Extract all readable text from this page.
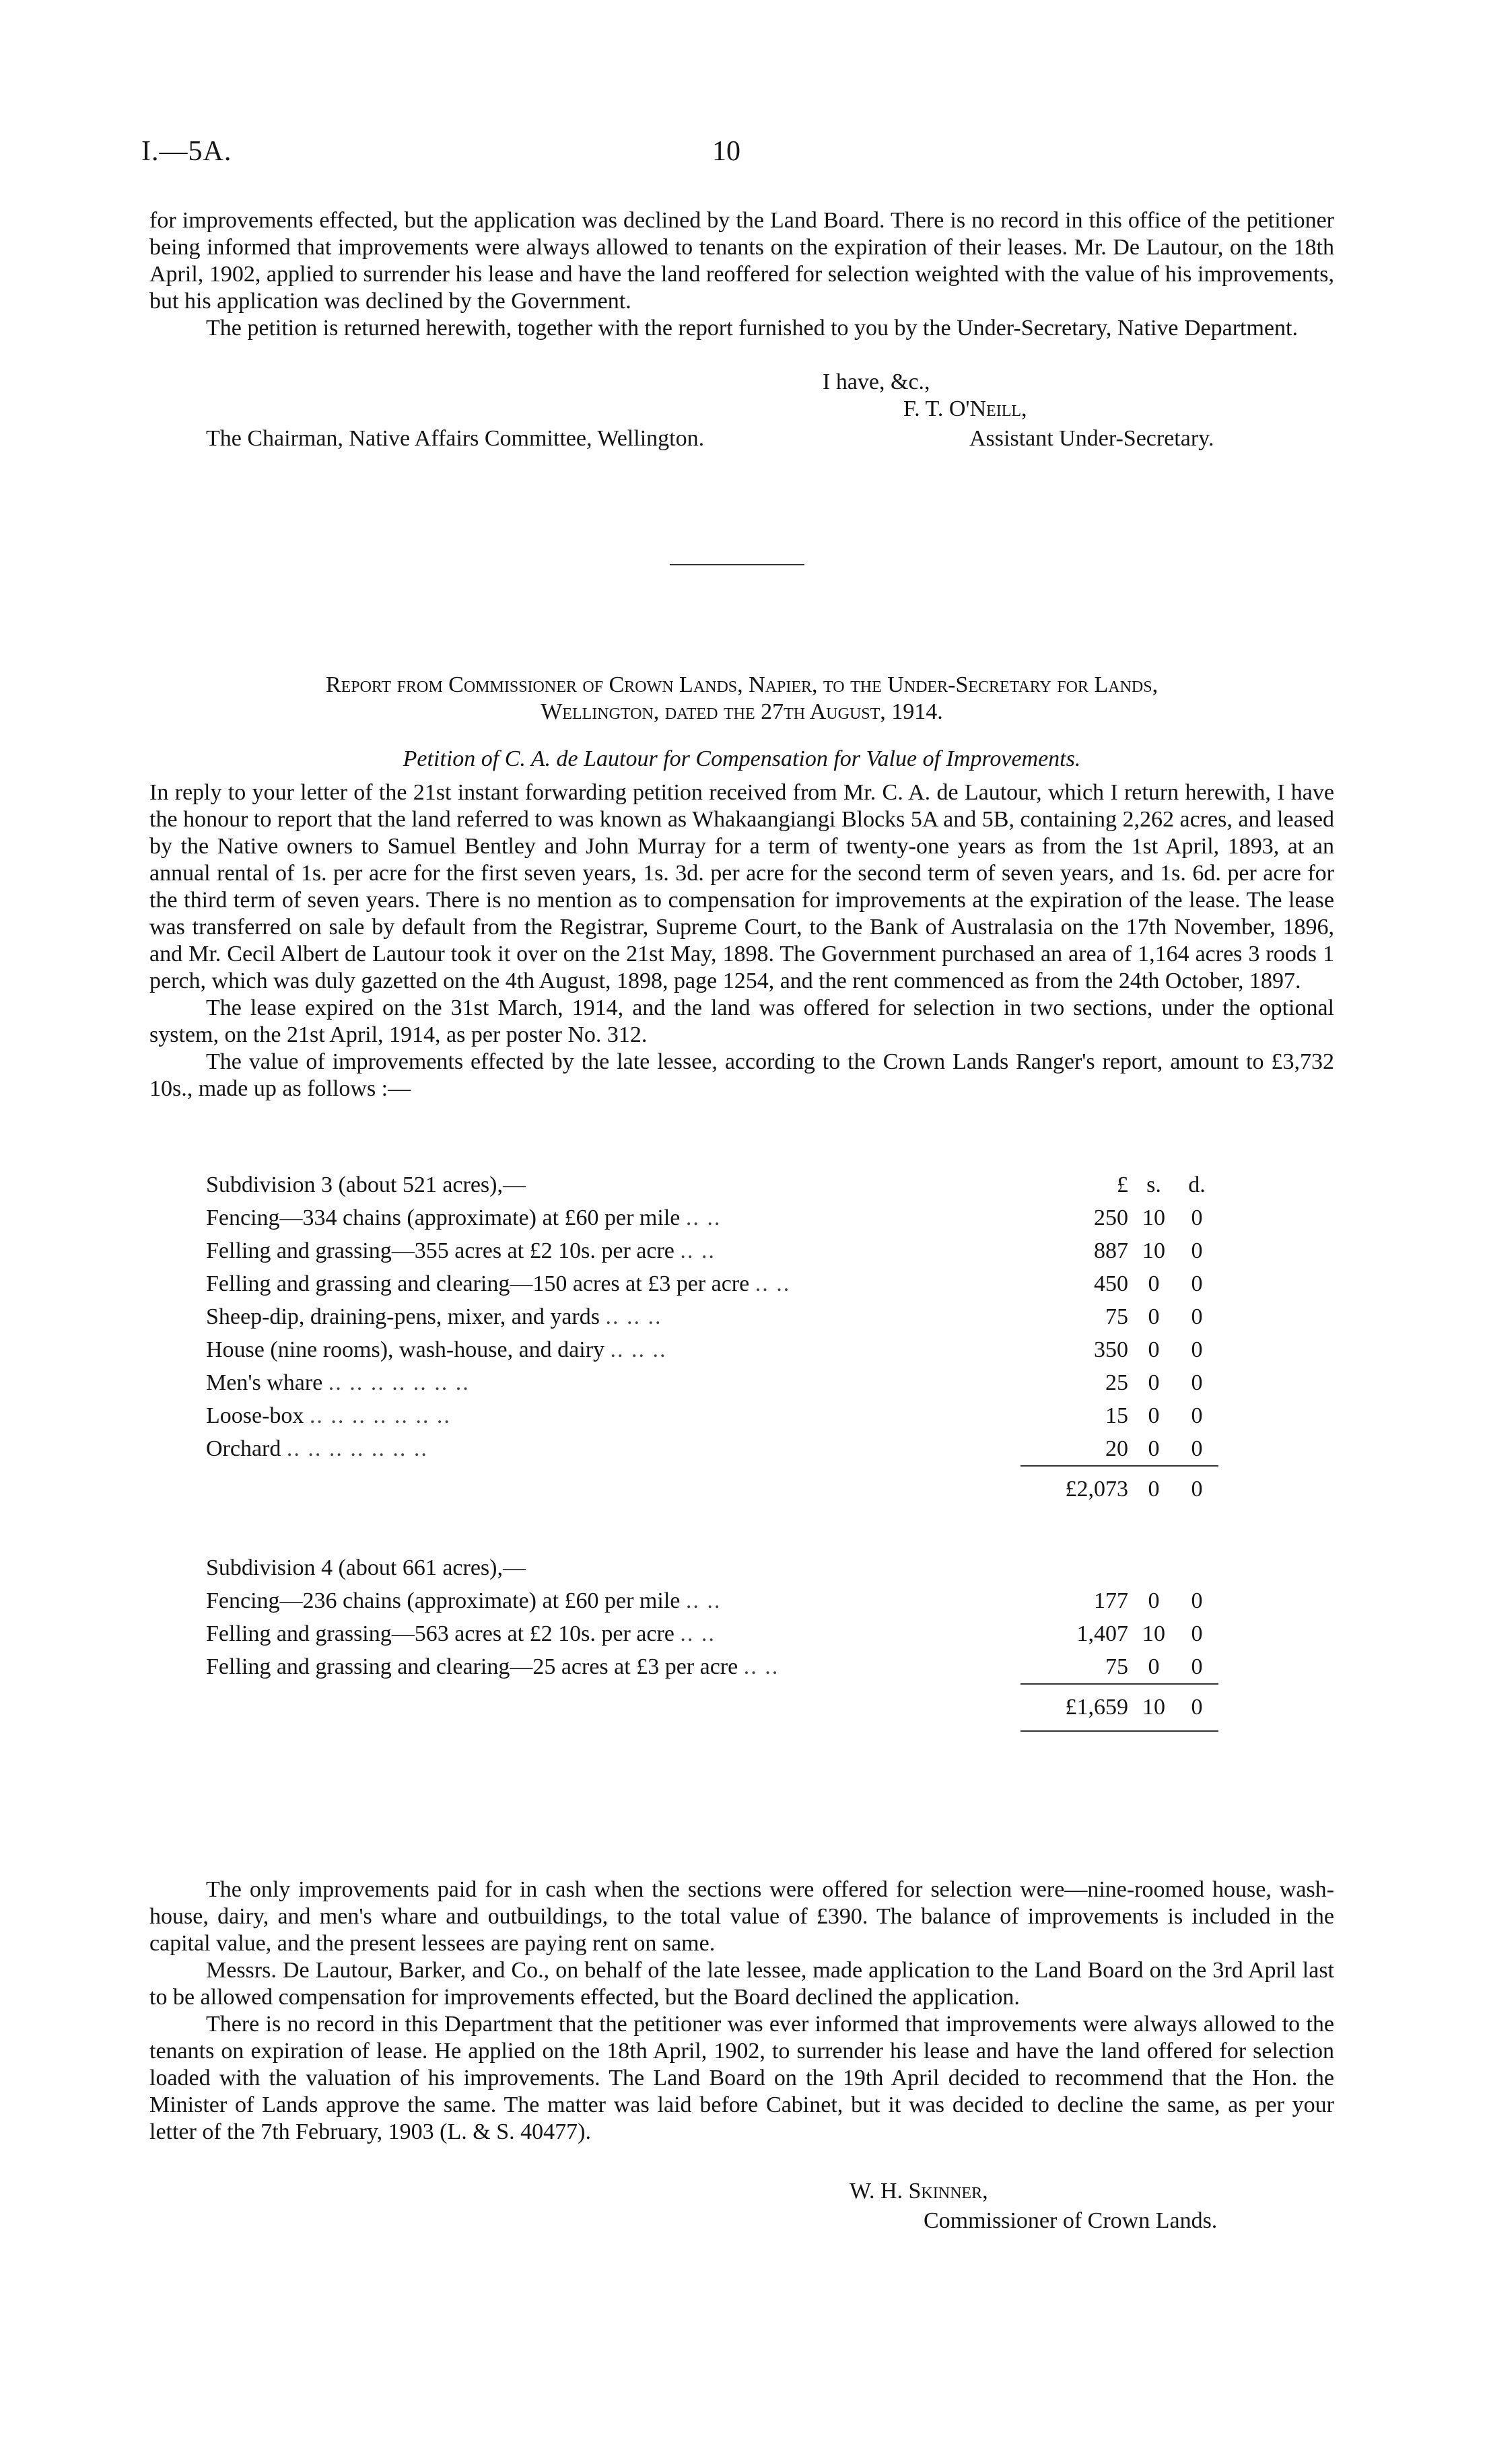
I.—5A.	10

for improvements effected, but the application was declined by the Land Board. There is no record in this office of the petitioner being informed that improvements were always allowed to tenants on the expiration of their leases. Mr. De Lautour, on the 18th April, 1902, applied to surrender his lease and have the land reoffered for selection weighted with the value of his improvements, but his application was declined by the Government.

The petition is returned herewith, together with the report furnished to you by the Under-Secretary, Native Department.

I have, &c.,
F. T. O'Neill,
The Chairman, Native Affairs Committee, Wellington.	Assistant Under-Secretary.
Report from Commissioner of Crown Lands, Napier, to the Under-Secretary for Lands,
Wellington, dated the 27th August, 1914.
Petition of C. A. de Lautour for Compensation for Value of Improvements.

In reply to your letter of the 21st instant forwarding petition received from Mr. C. A. de Lautour, which I return herewith, I have the honour to report that the land referred to was known as Whakaangiangi Blocks 5A and 5B, containing 2,262 acres, and leased by the Native owners to Samuel Bentley and John Murray for a term of twenty-one years as from the 1st April, 1893, at an annual rental of 1s. per acre for the first seven years, 1s. 3d. per acre for the second term of seven years, and 1s. 6d. per acre for the third term of seven years. There is no mention as to compensation for improvements at the expiration of the lease. The lease was transferred on sale by default from the Registrar, Supreme Court, to the Bank of Australasia on the 17th November, 1896, and Mr. Cecil Albert de Lautour took it over on the 21st May, 1898. The Government purchased an area of 1,164 acres 3 roods 1 perch, which was duly gazetted on the 4th August, 1898, page 1254, and the rent commenced as from the 24th October, 1897.

The lease expired on the 31st March, 1914, and the land was offered for selection in two sections, under the optional system, on the 21st April, 1914, as per poster No. 312.

The value of improvements effected by the late lessee, according to the Crown Lands Ranger's report, amount to £3,732 10s., made up as follows :—

Subdivision 3 (about 521 acres),—	£	s.	d.
Fencing—334 chains (approximate) at £60 per mile .. ..	250	10	0
Felling and grassing—355 acres at £2 10s. per acre .. ..	887	10	0
Felling and grassing and clearing—150 acres at £3 per acre .. ..	450	0	0
Sheep-dip, draining-pens, mixer, and yards .. .. ..	75	0	0
House (nine rooms), wash-house, and dairy .. .. ..	350	0	0
Men's whare .. .. .. .. .. .. ..	25	0	0
Loose-box .. .. .. .. .. .. ..	15	0	0
Orchard .. .. .. .. .. .. ..	20	0	0
	£2,073	0	0

Subdivision 4 (about 661 acres),—			
Fencing—236 chains (approximate) at £60 per mile .. ..	177	0	0
Felling and grassing—563 acres at £2 10s. per acre .. ..	1,407	10	0
Felling and grassing and clearing—25 acres at £3 per acre .. ..	75	0	0
	£1,659	10	0

The only improvements paid for in cash when the sections were offered for selection were—nine-roomed house, wash-house, dairy, and men's whare and outbuildings, to the total value of £390. The balance of improvements is included in the capital value, and the present lessees are paying rent on same.

Messrs. De Lautour, Barker, and Co., on behalf of the late lessee, made application to the Land Board on the 3rd April last to be allowed compensation for improvements effected, but the Board declined the application.

There is no record in this Department that the petitioner was ever informed that improvements were always allowed to the tenants on expiration of lease. He applied on the 18th April, 1902, to surrender his lease and have the land offered for selection loaded with the valuation of his improvements. The Land Board on the 19th April decided to recommend that the Hon. the Minister of Lands approve the same. The matter was laid before Cabinet, but it was decided to decline the same, as per your letter of the 7th February, 1903 (L. & S. 40477).

W. H. Skinner,
Commissioner of Crown Lands.
